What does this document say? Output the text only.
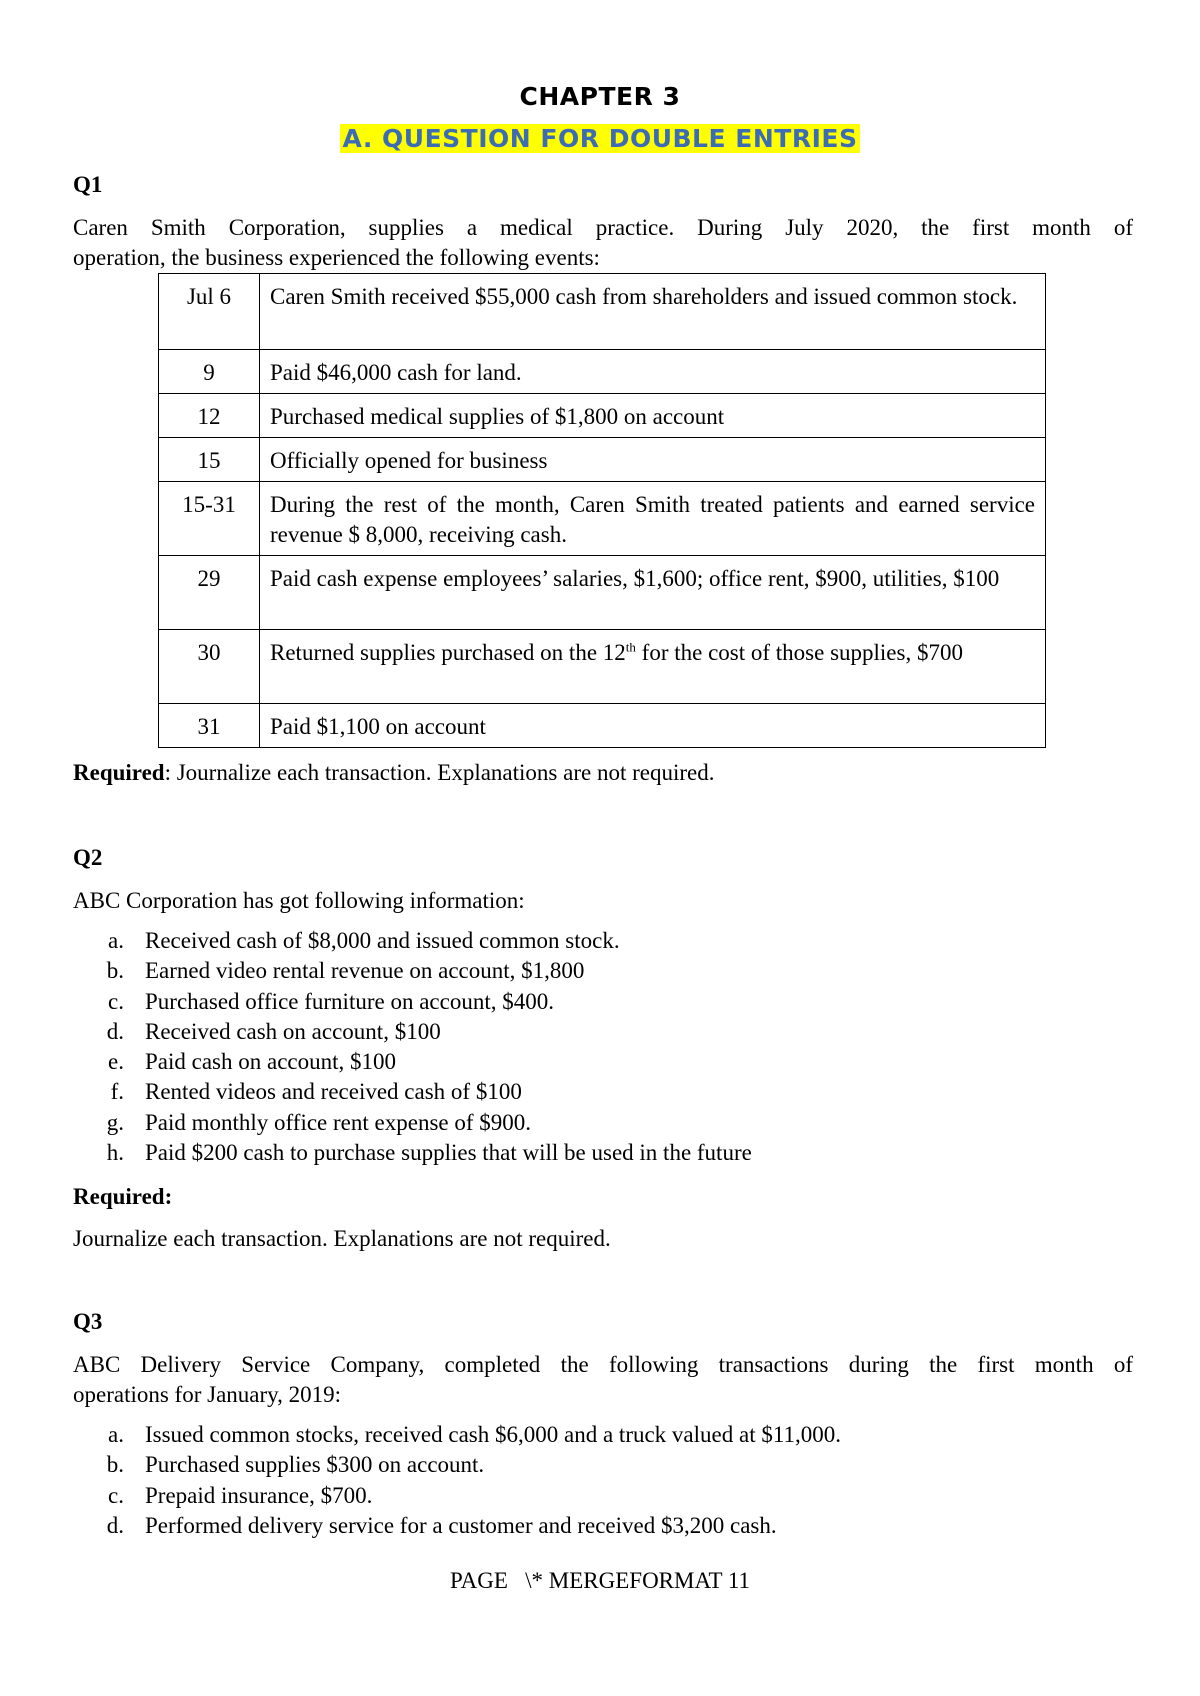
CHAPTER 3
A. QUESTION FOR DOUBLE ENTRIES
Q1
Caren Smith Corporation, supplies a medical practice. During July 2020, the first month of
operation, the business experienced the following events:
Jul 6	Caren Smith received $55,000 cash from shareholders and issued common stock.
9	Paid $46,000 cash for land.
12	Purchased medical supplies of $1,800 on account
15	Officially opened for business
15-31	During the rest of the month, Caren Smith treated patients and earned service revenue $ 8,000, receiving cash.
29	Paid cash expense employees’ salaries, $1,600; office rent, $900, utilities, $100
30	Returned supplies purchased on the 12th for the cost of those supplies, $700
31	Paid $1,100 on account
Required: Journalize each transaction. Explanations are not required.
Q2
ABC Corporation has got following information:
a. Received cash of $8,000 and issued common stock.
b. Earned video rental revenue on account, $1,800
c. Purchased office furniture on account, $400.
d. Received cash on account, $100
e. Paid cash on account, $100
f. Rented videos and received cash of $100
g. Paid monthly office rent expense of $900.
h. Paid $200 cash to purchase supplies that will be used in the future
Required:
Journalize each transaction. Explanations are not required.
Q3
ABC Delivery Service Company, completed the following transactions during the first month of
operations for January, 2019:
a. Issued common stocks, received cash $6,000 and a truck valued at $11,000.
b. Purchased supplies $300 on account.
c. Prepaid insurance, $700.
d. Performed delivery service for a customer and received $3,200 cash.
PAGE   \* MERGEFORMAT 11
